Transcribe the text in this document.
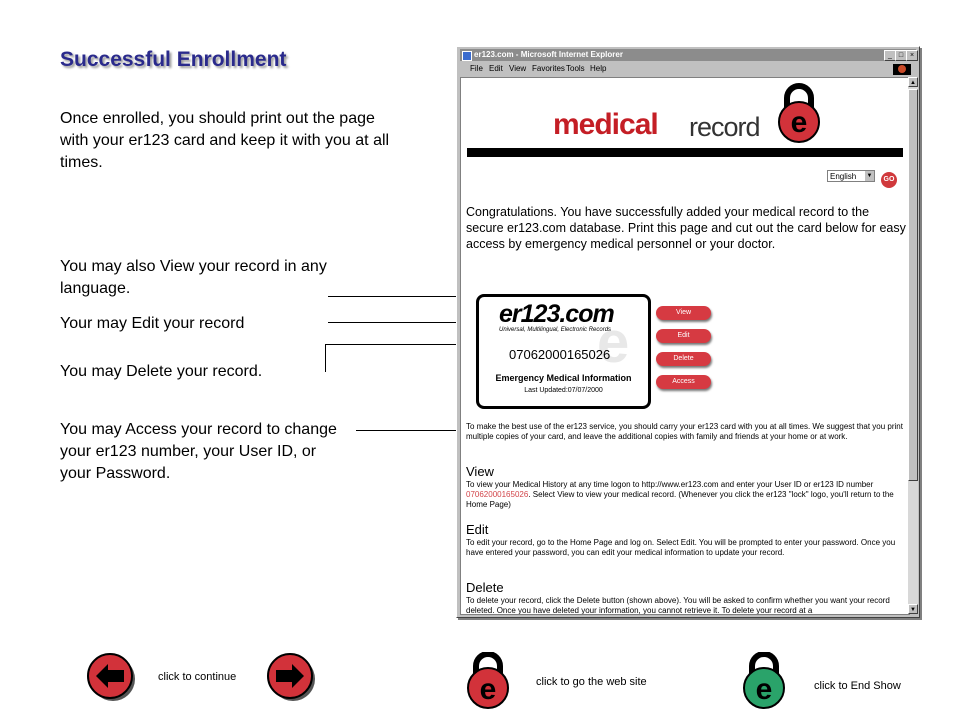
Successful Enrollment
Once enrolled, you should print out the page with your er123 card and keep it with you at all times.
You may also View your record in any language.
Your may Edit your record
You may Delete your record.
You may Access your record to change your er123 number, your User ID, or your Password.
er123.com - Microsoft Internet Explorer	_ □ ×
File Edit View Favorites Tools Help
medical record e
English ▼	GO
Congratulations. You have successfully added your medical record to the secure er123.com database. Print this page and cut out the card below for easy access by emergency medical personnel or your doctor.
e
er123.com
Universal, Multilingual, Electronic Records
07062000165026
Emergency Medical Information
Last Updated:07/07/2000
View
Edit
Delete
Access
To make the best use of the er123 service, you should carry your er123 card with you at all times. We suggest that you print multiple copies of your card, and leave the additional copies with family and friends at your home or at work.
View
To view your Medical History at any time logon to http://www.er123.com and enter your User ID or er123 ID number 07062000165026. Select View to view your medical record. (Whenever you click the er123 "lock" logo, you'll return to the Home Page)
Edit
To edit your record, go to the Home Page and log on. Select Edit. You will be prompted to enter your password. Once you have entered your password, you can edit your medical information to update your record.
Delete
To delete your record, click the Delete button (shown above). You will be asked to confirm whether you want your record deleted. Once you have deleted your information, you cannot retrieve it. To delete your record at a
▲
▼
click to continue	e	click to go the web site	e	click to End Show
